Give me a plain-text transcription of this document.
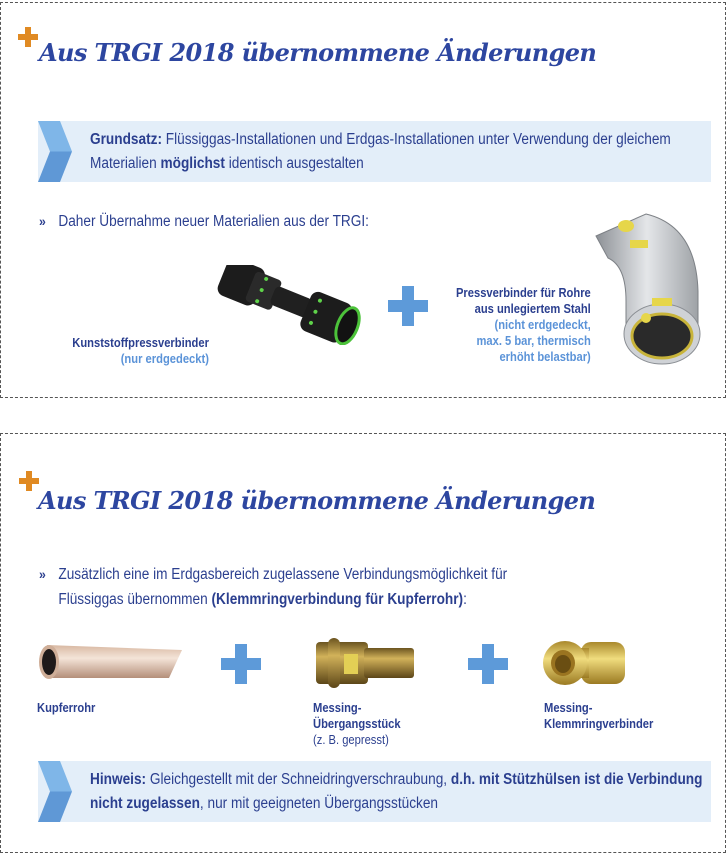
Aus TRGI 2018 übernommene Änderungen
Grundsatz: Flüssiggas-Installationen und Erdgas-Installationen unter Verwendung der gleichem Materialien möglichst identisch ausgestalten
» Daher Übernahme neuer Materialien aus der TRGI:
Kunststoffpressverbinder
(nur erdgedeckt)
Pressverbinder für Rohre
aus unlegiertem Stahl
(nicht erdgedeckt,
max. 5 bar, thermisch
erhöht belastbar)
Aus TRGI 2018 übernommene Änderungen
» Zusätzlich eine im Erdgasbereich zugelassene Verbindungsmöglichkeit für
Flüssiggas übernommen (Klemmringverbindung für Kupferrohr):
Kupferrohr	Messing-
Übergangsstück
(z. B. gepresst)
Messing-
Klemmringverbinder
Hinweis: Gleichgestellt mit der Schneidringverschraubung, d.h. mit Stützhülsen ist die Verbindung nicht zugelassen, nur mit geeigneten Übergangsstücken
